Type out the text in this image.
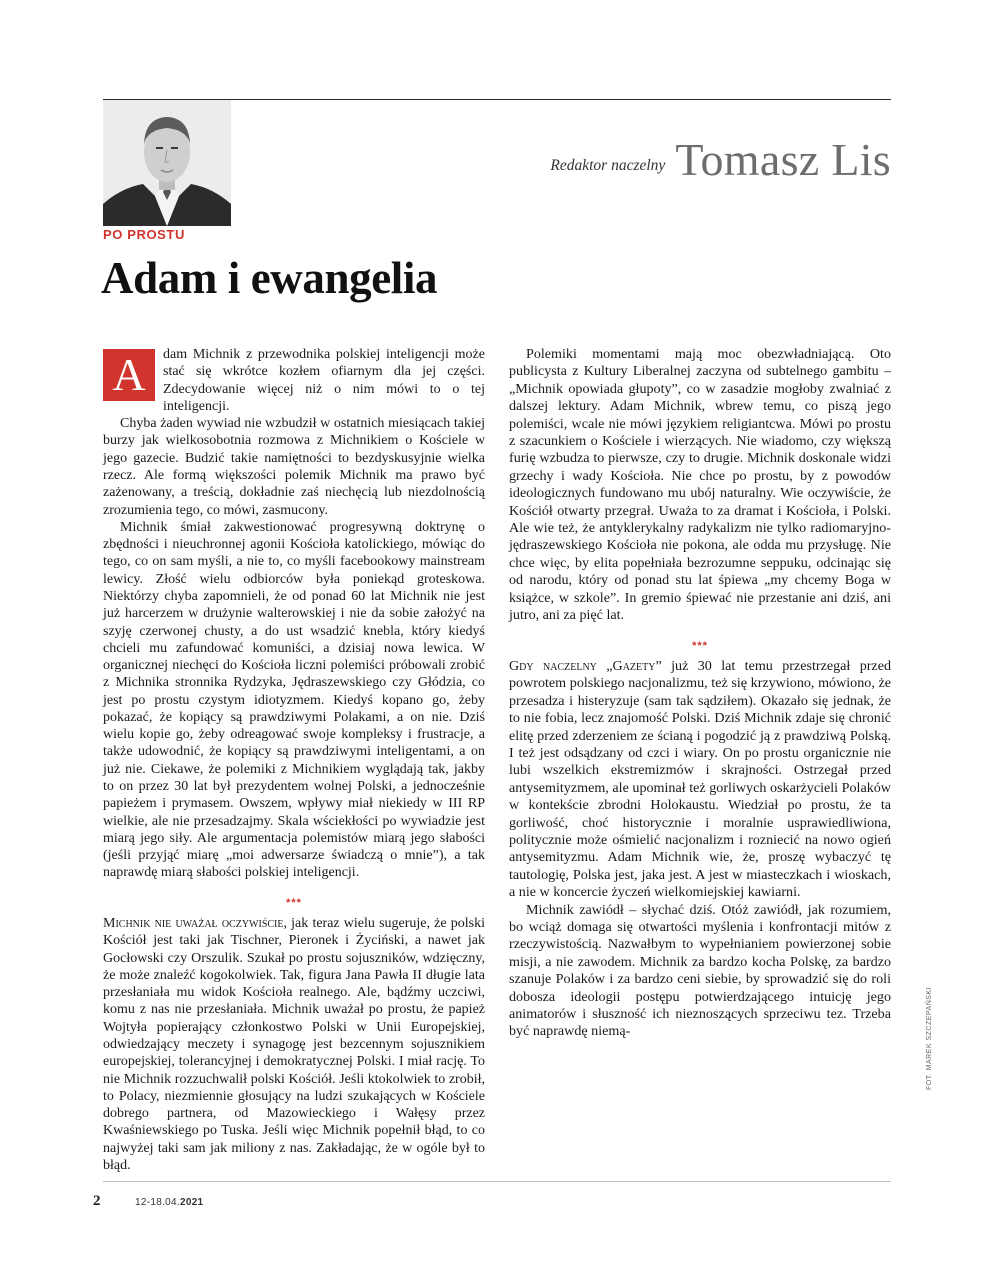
Redaktor naczelny Tomasz Lis
PO PROSTU
Adam i ewangelia

A	dam Michnik z przewodnika polskiej inteligencji może stać się wkrótce kozłem ofiarnym dla jej części. Zdecydowanie więcej niż o nim mówi to o tej inteligencji.

Chyba żaden wywiad nie wzbudził w ostatnich miesiącach takiej burzy jak wielkosobotnia rozmowa z Michnikiem o Kościele w jego gazecie. Budzić takie namiętności to bezdyskusyjnie wielka rzecz. Ale formą większości polemik Michnik ma prawo być zażenowany, a treścią, dokładnie zaś niechęcią lub niezdolnością zrozumienia tego, co mówi, zasmucony.

Michnik śmiał zakwestionować progresywną doktrynę o zbędności i nieuchronnej agonii Kościoła katolickiego, mówiąc do tego, co on sam myśli, a nie to, co myśli facebookowy mainstream lewicy. Złość wielu odbiorców była poniekąd groteskowa. Niektórzy chyba zapomnieli, że od ponad 60 lat Michnik nie jest już harcerzem w drużynie walterowskiej i nie da sobie założyć na szyję czerwonej chusty, a do ust wsadzić knebla, który kiedyś chcieli mu zafundować komuniści, a dzisiaj nowa lewica. W organicznej niechęci do Kościoła liczni polemiści próbowali zrobić z Michnika stronnika Rydzyka, Jędraszewskiego czy Głódzia, co jest po prostu czystym idiotyzmem. Kiedyś kopano go, żeby pokazać, że kopiący są prawdziwymi Polakami, a on nie. Dziś wielu kopie go, żeby odreagować swoje kompleksy i frustracje, a także udowodnić, że kopiący są prawdziwymi inteligentami, a on już nie. Ciekawe, że polemiki z Michnikiem wyglądają tak, jakby to on przez 30 lat był prezydentem wolnej Polski, a jednocześnie papieżem i prymasem. Owszem, wpływy miał niekiedy w III RP wielkie, ale nie przesadzajmy. Skala wściekłości po wywiadzie jest miarą jego siły. Ale argumentacja polemistów miarą jego słabości (jeśli przyjąć miarę „moi adwersarze świadczą o mnie”), a tak naprawdę miarą słabości polskiej inteligencji.

***

Michnik nie uważał oczywiście, jak teraz wielu sugeruje, że polski Kościół jest taki jak Tischner, Pieronek i Życiński, a nawet jak Gocłowski czy Orszulik. Szukał po prostu sojuszników, wdzięczny, że może znaleźć kogokolwiek. Tak, figura Jana Pawła II długie lata przesłaniała mu widok Kościoła realnego. Ale, bądźmy uczciwi, komu z nas nie przesłaniała. Michnik uważał po prostu, że papież Wojtyła popierający członkostwo Polski w Unii Europejskiej, odwiedzający meczety i synagogę jest bezcennym sojusznikiem europejskiej, tolerancyjnej i demokratycznej Polski. I miał rację. To nie Michnik rozzuchwalił polski Kościół. Jeśli ktokolwiek to zrobił, to Polacy, niezmiennie głosujący na ludzi szukających w Kościele dobrego partnera, od Mazowieckiego i Wałęsy przez Kwaśniewskiego po Tuska. Jeśli więc Michnik popełnił błąd, to co najwyżej taki sam jak miliony z nas. Zakładając, że w ogóle był to błąd.

Polemiki momentami mają moc obezwładniającą. Oto publicysta z Kultury Liberalnej zaczyna od subtelnego gambitu – „Michnik opowiada głupoty”, co w zasadzie mogłoby zwalniać z dalszej lektury. Adam Michnik, wbrew temu, co piszą jego polemiści, wcale nie mówi językiem religiantcwa. Mówi po prostu z szacunkiem o Kościele i wierzących. Nie wiadomo, czy większą furię wzbudza to pierwsze, czy to drugie. Michnik doskonale widzi grzechy i wady Kościoła. Nie chce po prostu, by z powodów ideologicznych fundowano mu ubój naturalny. Wie oczywiście, że Kościół otwarty przegrał. Uważa to za dramat i Kościoła, i Polski. Ale wie też, że antyklerykalny radykalizm nie tylko radiomaryjno-jędraszewskiego Kościoła nie pokona, ale odda mu przysługę. Nie chce więc, by elita popełniała bezrozumne seppuku, odcinając się od narodu, który od ponad stu lat śpiewa „my chcemy Boga w książce, w szkole”. In gremio śpiewać nie przestanie ani dziś, ani jutro, ani za pięć lat.

***

Gdy naczelny „Gazety” już 30 lat temu przestrzegał przed powrotem polskiego nacjonalizmu, też się krzywiono, mówiono, że przesadza i histeryzuje (sam tak sądziłem). Okazało się jednak, że to nie fobia, lecz znajomość Polski. Dziś Michnik zdaje się chronić elitę przed zderzeniem ze ścianą i pogodzić ją z prawdziwą Polską. I też jest odsądzany od czci i wiary. On po prostu organicznie nie lubi wszelkich ekstremizmów i skrajności. Ostrzegał przed antysemityzmem, ale upominał też gorliwych oskarżycieli Polaków w kontekście zbrodni Holokaustu. Wiedział po prostu, że ta gorliwość, choć historycznie i moralnie usprawiedliwiona, politycznie może ośmielić nacjonalizm i rozniecić na nowo ogień antysemityzmu. Adam Michnik wie, że, proszę wybaczyć tę tautologię, Polska jest, jaka jest. A jest w miasteczkach i wioskach, a nie w koncercie życzeń wielkomiejskiej kawiarni.

Michnik zawiódł – słychać dziś. Otóż zawiódł, jak rozumiem, bo wciąż domaga się otwartości myślenia i konfrontacji mitów z rzeczywistością. Nazwałbym to wypełnianiem powierzonej sobie misji, a nie zawodem. Michnik za bardzo kocha Polskę, za bardzo szanuje Polaków i za bardzo ceni siebie, by sprowadzić się do roli dobosza ideologii postępu potwierdzającego intuicję jego animatorów i słuszność ich nieznoszących sprzeciwu tez. Trzeba być naprawdę niemą-

2	12-18.04.2021
FOT. MAREK SZCZEPAŃSKI
